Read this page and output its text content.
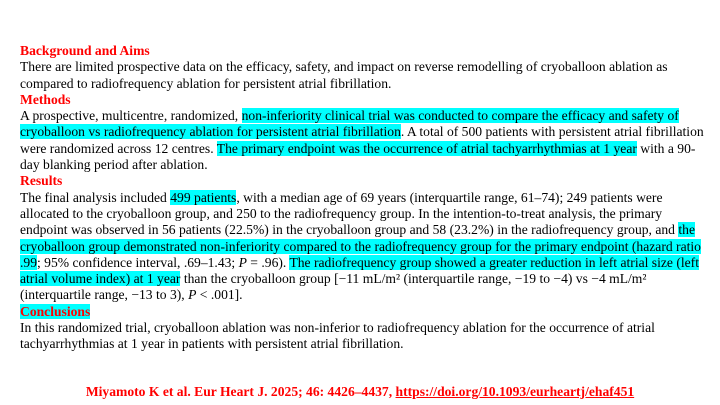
Background and Aims

There are limited prospective data on the efficacy, safety, and impact on reverse remodelling of cryoballoon ablation as compared to radiofrequency ablation for persistent atrial fibrillation.

Methods

A prospective, multicentre, randomized, non-inferiority clinical trial was conducted to compare the efficacy and safety of cryoballoon vs radiofrequency ablation for persistent atrial fibrillation. A total of 500 patients with persistent atrial fibrillation were randomized across 12 centres. The primary endpoint was the occurrence of atrial tachyarrhythmias at 1 year with a 90-day blanking period after ablation.

Results

The final analysis included 499 patients, with a median age of 69 years (interquartile range, 61–74); 249 patients were allocated to the cryoballoon group, and 250 to the radiofrequency group. In the intention-to-treat analysis, the primary endpoint was observed in 56 patients (22.5%) in the cryoballoon group and 58 (23.2%) in the radiofrequency group, and the cryoballoon group demonstrated non-inferiority compared to the radiofrequency group for the primary endpoint (hazard ratio .99; 95% confidence interval, .69–1.43; P = .96). The radiofrequency group showed a greater reduction in left atrial size (left atrial volume index) at 1 year than the cryoballoon group [−11 mL/m² (interquartile range, −19 to −4) vs −4 mL/m² (interquartile range, −13 to 3), P < .001].

Conclusions

In this randomized trial, cryoballoon ablation was non-inferior to radiofrequency ablation for the occurrence of atrial tachyarrhythmias at 1 year in patients with persistent atrial fibrillation.

Miyamoto K et al. Eur Heart J. 2025; 46: 4426–4437, https://doi.org/10.1093/eurheartj/ehaf451
